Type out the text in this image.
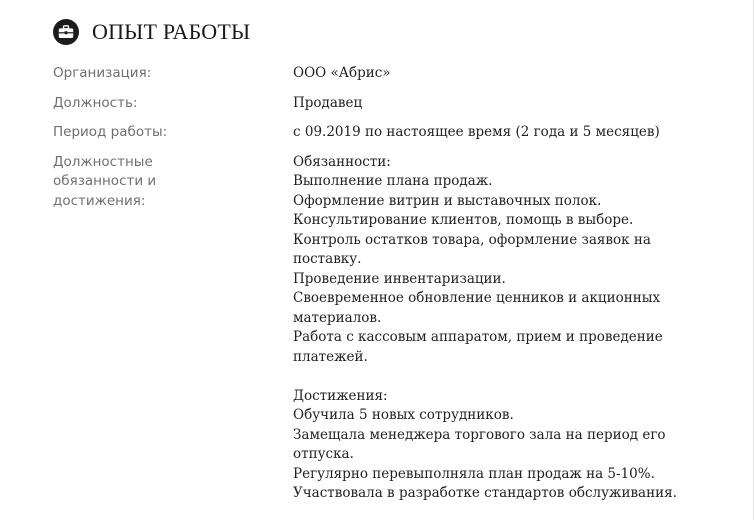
ОПЫТ РАБОТЫ
Организация:	ООО «Абрис»
Должность:	Продавец
Период работы:	с 09.2019 по настоящее время (2 года и 5 месяцев)
Должностные
обязанности и
достижения:
Обязанности:
Выполнение плана продаж.
Оформление витрин и выставочных полок.
Консультирование клиентов, помощь в выборе.
Контроль остатков товара, оформление заявок на
поставку.
Проведение инвентаризации.
Своевременное обновление ценников и акционных
материалов.
Работа с кассовым аппаратом, прием и проведение
платежей.
Достижения:
Обучила 5 новых сотрудников.
Замещала менеджера торгового зала на период его
отпуска.
Регулярно перевыполняла план продаж на 5-10%.
Участвовала в разработке стандартов обслуживания.
